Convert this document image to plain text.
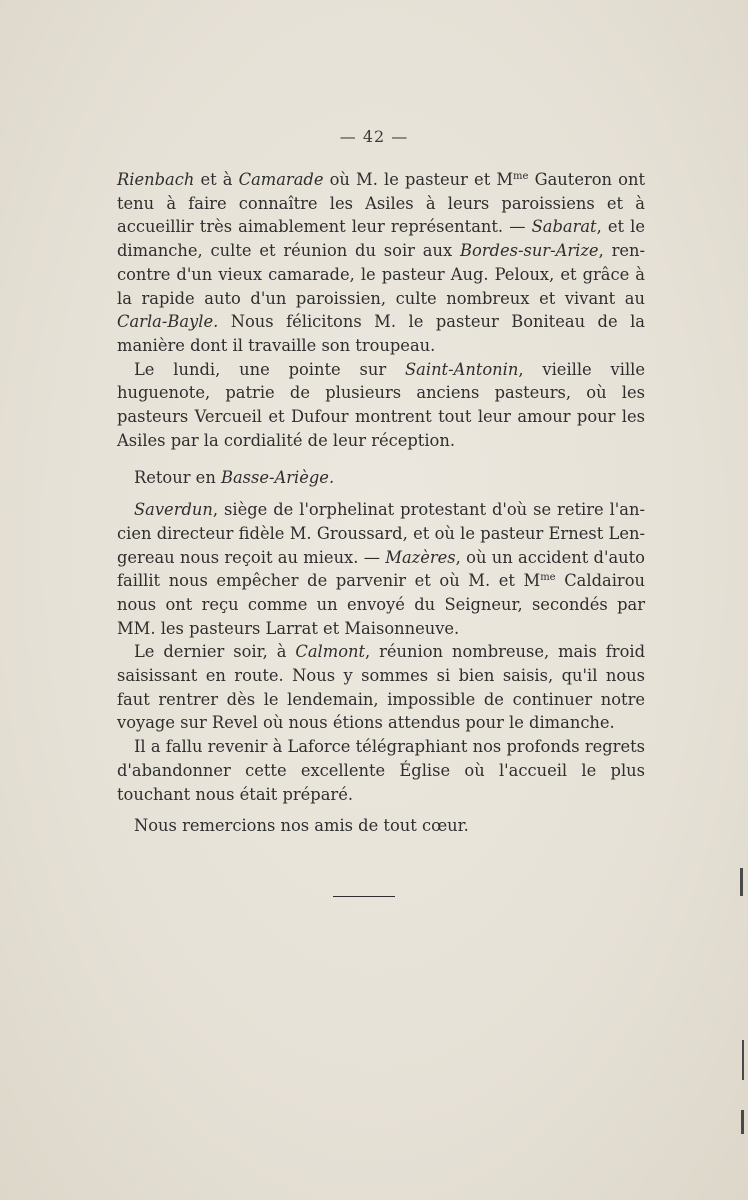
— 42 —

Rienbach et à Camarade où M. le pasteur et $M^{me}$ Gauteron ont tenu à faire connaître les Asiles à leurs paroissiens et à accueillir très aimablement leur représentant. — Sabarat, et le dimanche, culte et réunion du soir aux Bordes-sur-Arize, rencontre d'un vieux camarade, le pasteur Aug. Peloux, et grâce à la rapide auto d'un paroissien, culte nombreux et vivant au Carla-Bayle. Nous félicitons M. le pasteur Boniteau de la manière dont il travaille son troupeau.

Le lundi, une pointe sur Saint-Antonin, vieille ville huguenote, patrie de plusieurs anciens pasteurs, où les pasteurs Vercueil et Dufour montrent tout leur amour pour les Asiles par la cordialité de leur réception.

Retour en Basse-Ariège.

Saverdun, siège de l'orphelinat protestant d'où se retire l'ancien directeur fidèle M. Groussard, et où le pasteur Ernest Lengereau nous reçoit au mieux. — Mazères, où un accident d'auto faillit nous empêcher de parvenir et où M. et $M^{me}$ Caldairou nous ont reçu comme un envoyé du Seigneur, secondés par MM. les pasteurs Larrat et Maisonneuve.

Le dernier soir, à Calmont, réunion nombreuse, mais froid saisissant en route. Nous y sommes si bien saisis, qu'il nous faut rentrer dès le lendemain, impossible de continuer notre voyage sur Revel où nous étions attendus pour le dimanche.

Il a fallu revenir à Laforce télégraphiant nos profonds regrets d'abandonner cette excellente Église où l'accueil le plus touchant nous était préparé.

Nous remercions nos amis de tout cœur.
